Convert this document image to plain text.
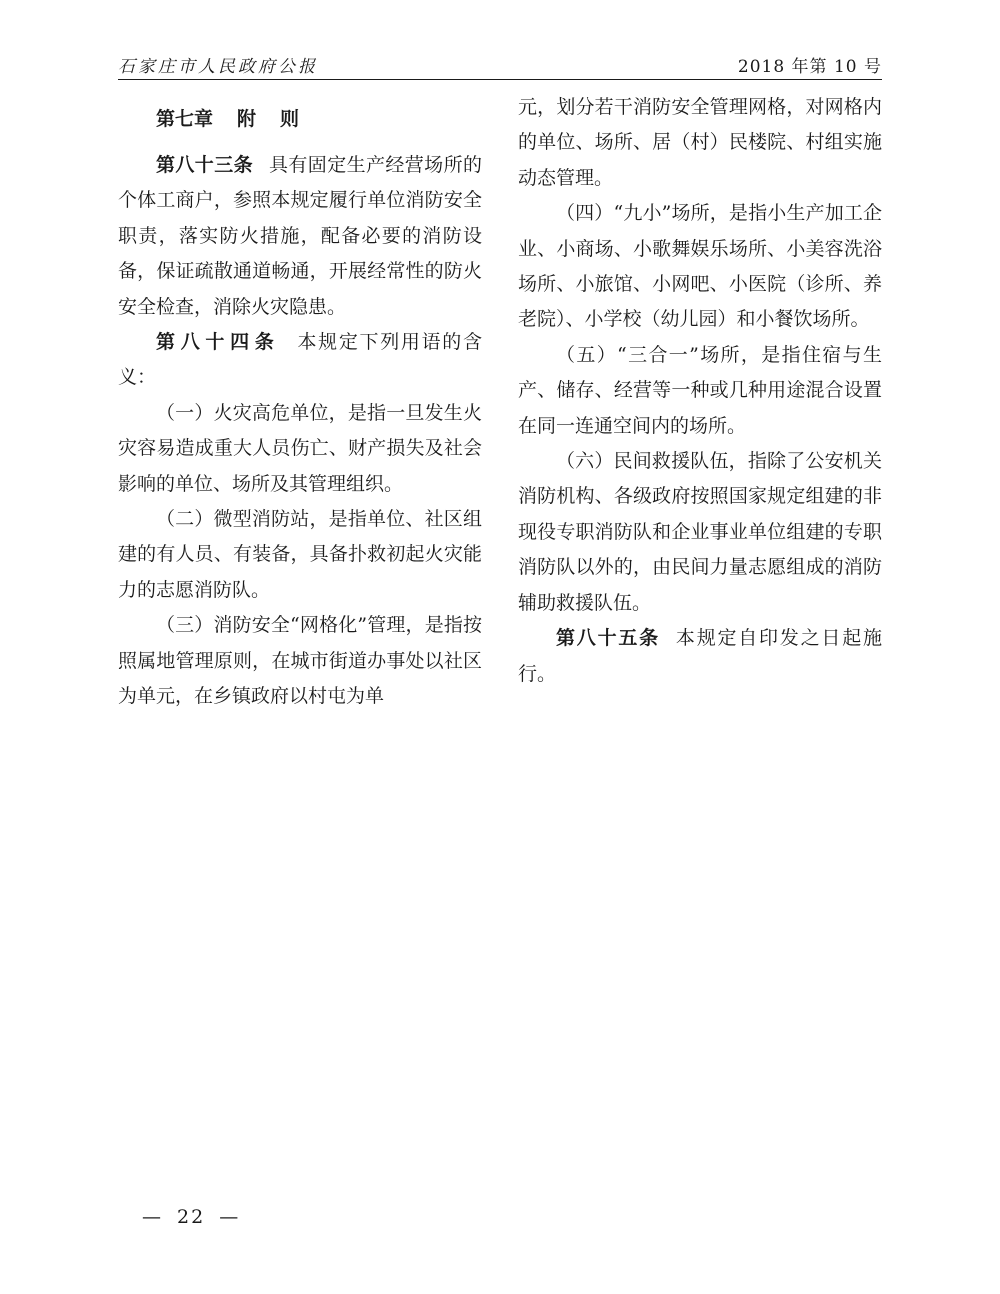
石家庄市人民政府公报	2018 年第 10 号

第七章 附 则

第八十三条 具有固定生产经营场所的个体工商户，参照本规定履行单位消防安全职责，落实防火措施，配备必要的消防设备，保证疏散通道畅通，开展经常性的防火安全检查，消除火灾隐患。

第八十四条 本规定下列用语的含义：

（一）火灾高危单位，是指一旦发生火灾容易造成重大人员伤亡、财产损失及社会影响的单位、场所及其管理组织。

（二）微型消防站，是指单位、社区组建的有人员、有装备，具备扑救初起火灾能力的志愿消防队。

（三）消防安全“网格化”管理，是指按照属地管理原则，在城市街道办事处以社区为单元，在乡镇政府以村屯为单

元，划分若干消防安全管理网格，对网格内的单位、场所、居（村）民楼院、村组实施动态管理。

（四）“九小”场所，是指小生产加工企业、小商场、小歌舞娱乐场所、小美容洗浴场所、小旅馆、小网吧、小医院（诊所、养老院）、小学校（幼儿园）和小餐饮场所。

（五）“三合一”场所，是指住宿与生产、储存、经营等一种或几种用途混合设置在同一连通空间内的场所。

（六）民间救援队伍，指除了公安机关消防机构、各级政府按照国家规定组建的非现役专职消防队和企业事业单位组建的专职消防队以外的，由民间力量志愿组成的消防辅助救援队伍。

第八十五条 本规定自印发之日起施行。

— 22 —
